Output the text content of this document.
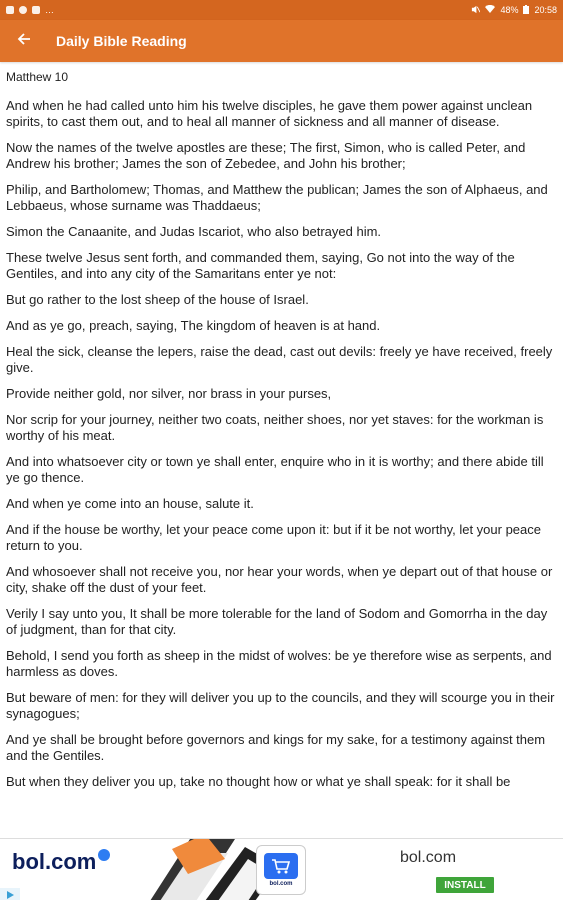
…	48% 20:58
Daily Bible Reading
Matthew 10

And when he had called unto him his twelve disciples, he gave them power against unclean spirits, to cast them out, and to heal all manner of sickness and all manner of disease.

Now the names of the twelve apostles are these; The first, Simon, who is called Peter, and Andrew his brother; James the son of Zebedee, and John his brother;

Philip, and Bartholomew; Thomas, and Matthew the publican; James the son of Alphaeus, and Lebbaeus, whose surname was Thaddaeus;

Simon the Canaanite, and Judas Iscariot, who also betrayed him.

These twelve Jesus sent forth, and commanded them, saying, Go not into the way of the Gentiles, and into any city of the Samaritans enter ye not:

But go rather to the lost sheep of the house of Israel.

And as ye go, preach, saying, The kingdom of heaven is at hand.

Heal the sick, cleanse the lepers, raise the dead, cast out devils: freely ye have received, freely give.

Provide neither gold, nor silver, nor brass in your purses,

Nor scrip for your journey, neither two coats, neither shoes, nor yet staves: for the workman is worthy of his meat.

And into whatsoever city or town ye shall enter, enquire who in it is worthy; and there abide till ye go thence.

And when ye come into an house, salute it.

And if the house be worthy, let your peace come upon it: but if it be not worthy, let your peace return to you.

And whosoever shall not receive you, nor hear your words, when ye depart out of that house or city, shake off the dust of your feet.

Verily I say unto you, It shall be more tolerable for the land of Sodom and Gomorrha in the day of judgment, than for that city.

Behold, I send you forth as sheep in the midst of wolves: be ye therefore wise as serpents, and harmless as doves.

But beware of men: for they will deliver you up to the councils, and they will scourge you in their synagogues;

And ye shall be brought before governors and kings for my sake, for a testimony against them and the Gentiles.

But when they deliver you up, take no thought how or what ye shall speak: for it shall be

bol.com
bol.com
bol.com
INSTALL
